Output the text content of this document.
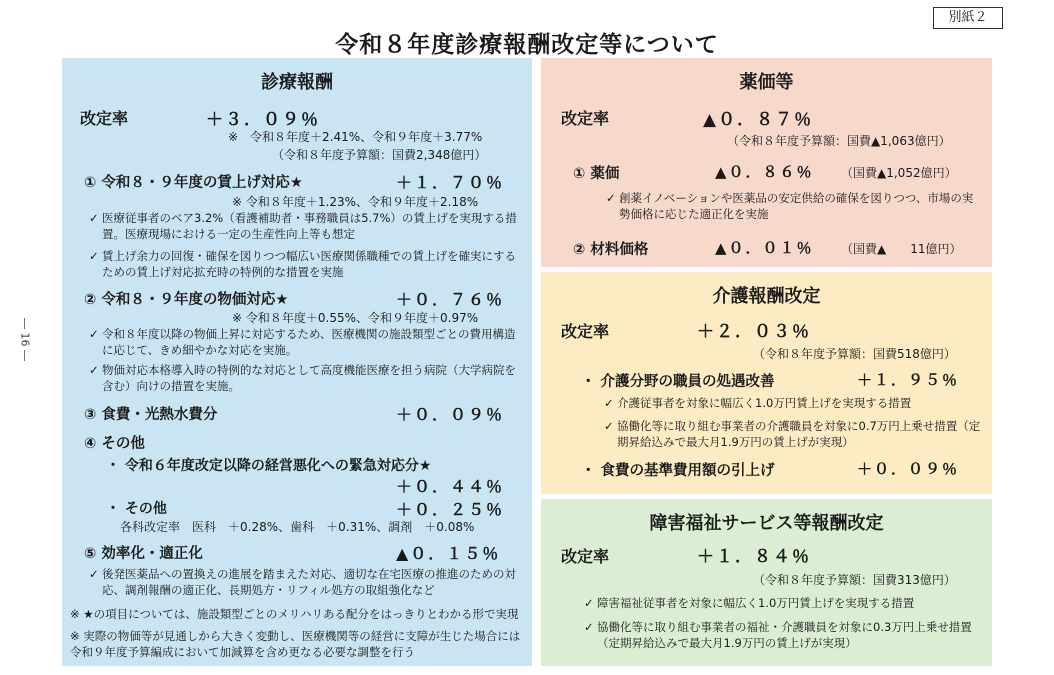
別紙２
令和８年度診療報酬改定等について
― 16 ―
診療報酬
改定率	＋３．０９％
※　令和８年度＋2.41%、令和９年度＋3.77%
（令和８年度予算額：国費2,348億円）
① 令和８・９年度の賃上げ対応★	＋１．７０％
※ 令和８年度＋1.23%、令和９年度＋2.18%
✓ 医療従事者のベア3.2%（看護補助者・事務職員は5.7%）の賃上げを実現する措置。医療現場における一定の生産性向上等も想定
✓ 賃上げ余力の回復・確保を図りつつ幅広い医療関係職種での賃上げを確実にするための賃上げ対応拡充時の特例的な措置を実施
② 令和８・９年度の物価対応★	＋０．７６％
※ 令和８年度＋0.55%、令和９年度＋0.97%
✓ 令和８年度以降の物価上昇に対応するため、医療機関の施設類型ごとの費用構造に応じて、きめ細やかな対応を実施。
✓ 物価対応本格導入時の特例的な対応として高度機能医療を担う病院（大学病院を含む）向けの措置を実施。
③ 食費・光熱水費分	＋０．０９％
④ その他
・ 令和６年度改定以降の経営悪化への緊急対応分★
＋０．４４％
・ その他	＋０．２５％
各科改定率　医科　＋0.28%、歯科　＋0.31%、調剤　＋0.08%
⑤ 効率化・適正化	▲０．１５％
✓ 後発医薬品への置換えの進展を踏まえた対応、適切な在宅医療の推進のための対応、調剤報酬の適正化、長期処方・リフィル処方の取組強化など
※ ★の項目については、施設類型ごとのメリハリある配分をはっきりとわかる形で実現
※ 実際の物価等が見通しから大きく変動し、医療機関等の経営に支障が生じた場合には令和９年度予算編成において加減算を含め更なる必要な調整を行う
薬価等
改定率	▲０．８７％
（令和８年度予算額：国費▲1,063億円）
① 薬価	▲０．８６％ （国費▲1,052億円）
✓ 創薬イノベーションや医薬品の安定供給の確保を図りつつ、市場の実勢価格に応じた適正化を実施
② 材料価格	▲０．０１％ （国費▲　　11億円）
介護報酬改定
改定率	＋２．０３％
（令和８年度予算額：国費518億円）
・ 介護分野の職員の処遇改善	＋１．９５％
✓ 介護従事者を対象に幅広く1.0万円賃上げを実現する措置
✓ 協働化等に取り組む事業者の介護職員を対象に0.7万円上乗せ措置（定期昇給込みで最大月1.9万円の賃上げが実現）
・ 食費の基準費用額の引上げ	＋０．０９％
障害福祉サービス等報酬改定
改定率	＋１．８４％
（令和８年度予算額：国費313億円）
✓ 障害福祉従事者を対象に幅広く1.0万円賃上げを実現する措置
✓ 協働化等に取り組む事業者の福祉・介護職員を対象に0.3万円上乗せ措置（定期昇給込みで最大月1.9万円の賃上げが実現）
